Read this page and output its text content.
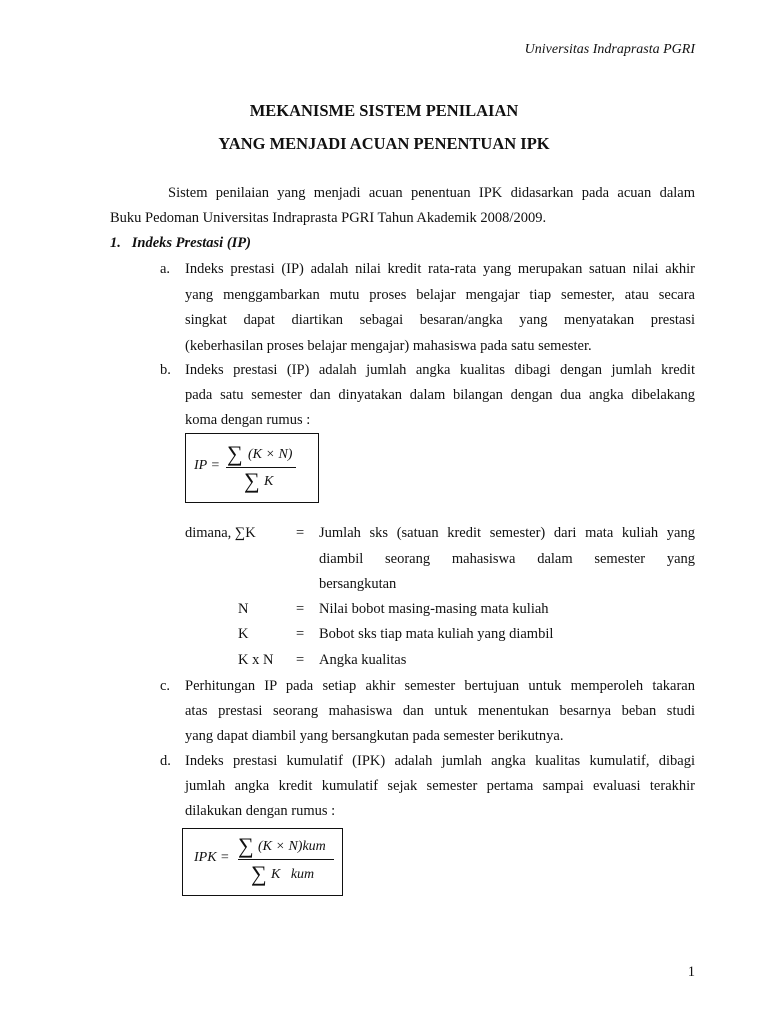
Universitas Indraprasta PGRI
MEKANISME SISTEM PENILAIAN
YANG MENJADI ACUAN PENENTUAN IPK
Sistem penilaian yang menjadi acuan penentuan IPK didasarkan pada acuan dalam
Buku Pedoman Universitas Indraprasta PGRI Tahun Akademik 2008/2009.
1.   Indeks Prestasi (IP)
a. Indeks prestasi (IP) adalah nilai kredit rata-rata yang merupakan satuan nilai akhir
yang menggambarkan mutu proses belajar mengajar tiap semester, atau secara
singkat dapat diartikan sebagai besaran/angka yang menyatakan prestasi
(keberhasilan proses belajar mengajar) mahasiswa pada satu semester.
b. Indeks prestasi (IP) adalah jumlah angka kualitas dibagi dengan jumlah kredit
pada satu semester dan dinyatakan dalam bilangan dengan dua angka dibelakang
koma dengan rumus :
IP = ∑ (K × N)
∑ K
dimana, ∑K	= Jumlah sks (satuan kredit semester) dari mata kuliah yang
diambil seorang mahasiswa dalam semester yang
bersangkutan
N	= Nilai bobot masing-masing mata kuliah
K	= Bobot sks tiap mata kuliah yang diambil
K x N = Angka kualitas
c. Perhitungan IP pada setiap akhir semester bertujuan untuk memperoleh takaran
atas prestasi seorang mahasiswa dan untuk menentukan besarnya beban studi
yang dapat diambil yang bersangkutan pada semester berikutnya.
d. Indeks prestasi kumulatif (IPK) adalah jumlah angka kualitas kumulatif, dibagi
jumlah angka kredit kumulatif sejak semester pertama sampai evaluasi terakhir
dilakukan dengan rumus :
IPK = ∑ (K × N)kum
∑ K   kum
1
